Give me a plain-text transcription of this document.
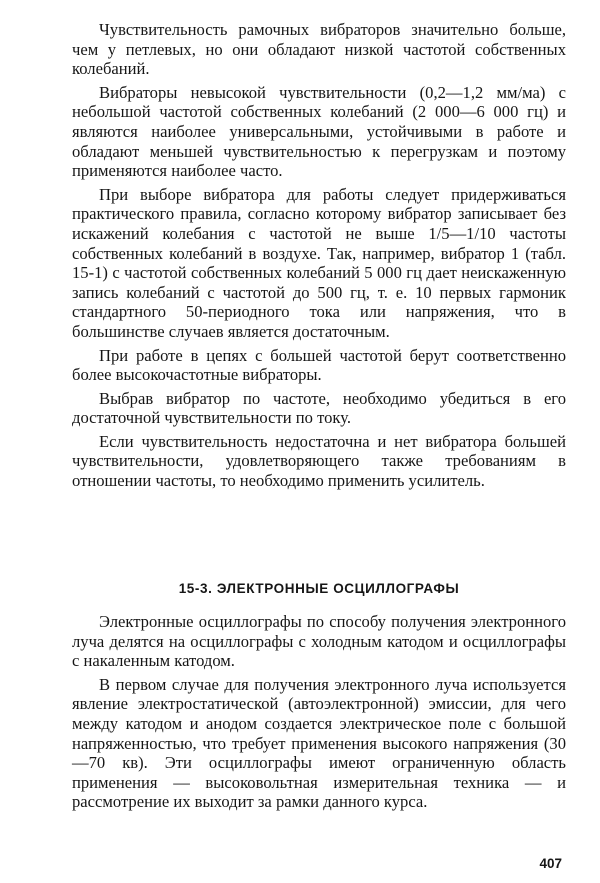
Чувствительность рамочных вибраторов значительно больше, чем у петлевых, но они обладают низкой частотой собственных колебаний.

Вибраторы невысокой чувствительности (0,2—1,2 мм/ма) с небольшой частотой собственных колебаний (2 000—6 000 гц) и являются наиболее универсальными, устойчивыми в работе и обладают меньшей чувствительностью к перегрузкам и поэтому применяются наиболее часто.

При выборе вибратора для работы следует придерживаться практического правила, согласно которому вибратор записывает без искажений колебания с частотой не выше 1/5—1/10 частоты собственных колебаний в воздухе. Так, например, вибратор 1 (табл. 15-1) с частотой собственных колебаний 5 000 гц дает неискаженную запись колебаний с частотой до 500 гц, т. е. 10 первых гармоник стандартного 50-периодного тока или напряжения, что в большинстве случаев является достаточным.

При работе в цепях с большей частотой берут соответственно более высокочастотные вибраторы.

Выбрав вибратор по частоте, необходимо убедиться в его достаточной чувствительности по току.

Если чувствительность недостаточна и нет вибратора большей чувствительности, удовлетворяющего также требованиям в отношении частоты, то необходимо применить усилитель.

15-3. ЭЛЕКТРОННЫЕ ОСЦИЛЛОГРАФЫ

Электронные осциллографы по способу получения электронного луча делятся на осциллографы с холодным катодом и осциллографы с накаленным катодом.

В первом случае для получения электронного луча используется явление электростатической (автоэлектронной) эмиссии, для чего между катодом и анодом создается электрическое поле с большой напряженностью, что требует применения высокого напряжения (30—70 кв). Эти осциллографы имеют ограниченную область применения — высоковольтная измерительная техника — и рассмотрение их выходит за рамки данного курса.

407
